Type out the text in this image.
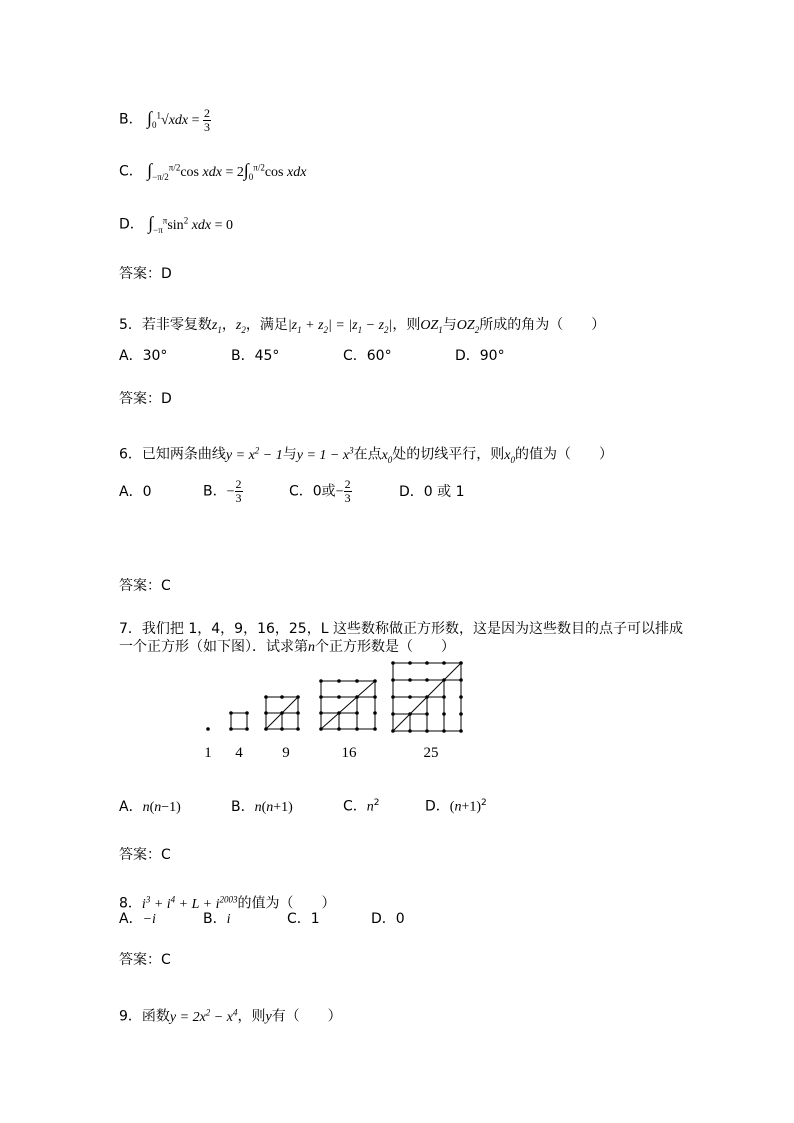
B． $\int_0^1√xdx = \frac{2}{3}$
C． $\int_{-\pi/2}^{\pi/2}\cos$ xdx = $2\int_0^{\pi/2}\cos$ xdx
D． $\int_{-\pi}^\pi\sin^2$ xdx = 0
答案：D
5．若非零复数$z_1$，$z_2$，满足$|z_1 + z_2| = |z_1 - z_2|$，则$OZ_1$与$OZ_2$所成的角为（　　）
A．30°	B．45°	C．60°	D．90°
答案：D
6．已知两条曲线$y = x^2 - 1$与$y = 1 - x^3$在点$x_0$处的切线平行，则$x_0$的值为（　　）
A．0	B．− $\frac{2}{3}$	C．0或− $\frac{2}{3}$	D．0 或 1
答案：C
7．我们把 1，4，9，16，25，L 这些数称做正方形数，这是因为这些数目的点子可以排成
一个正方形（如下图）．试求第n个正方形数是（　　）
1 4	9	16	25
A．n(n−1)	B．n(n+1)	C．$n^2$	D．$(n+1)^2$
答案：C
8．$i^3 + i^4 + L + i^{2003}$的值为（　　）
A．−i	B．i	C．1	D．0
答案：C
9．函数$y = 2x^2 - x^4$，则y有（　　）
